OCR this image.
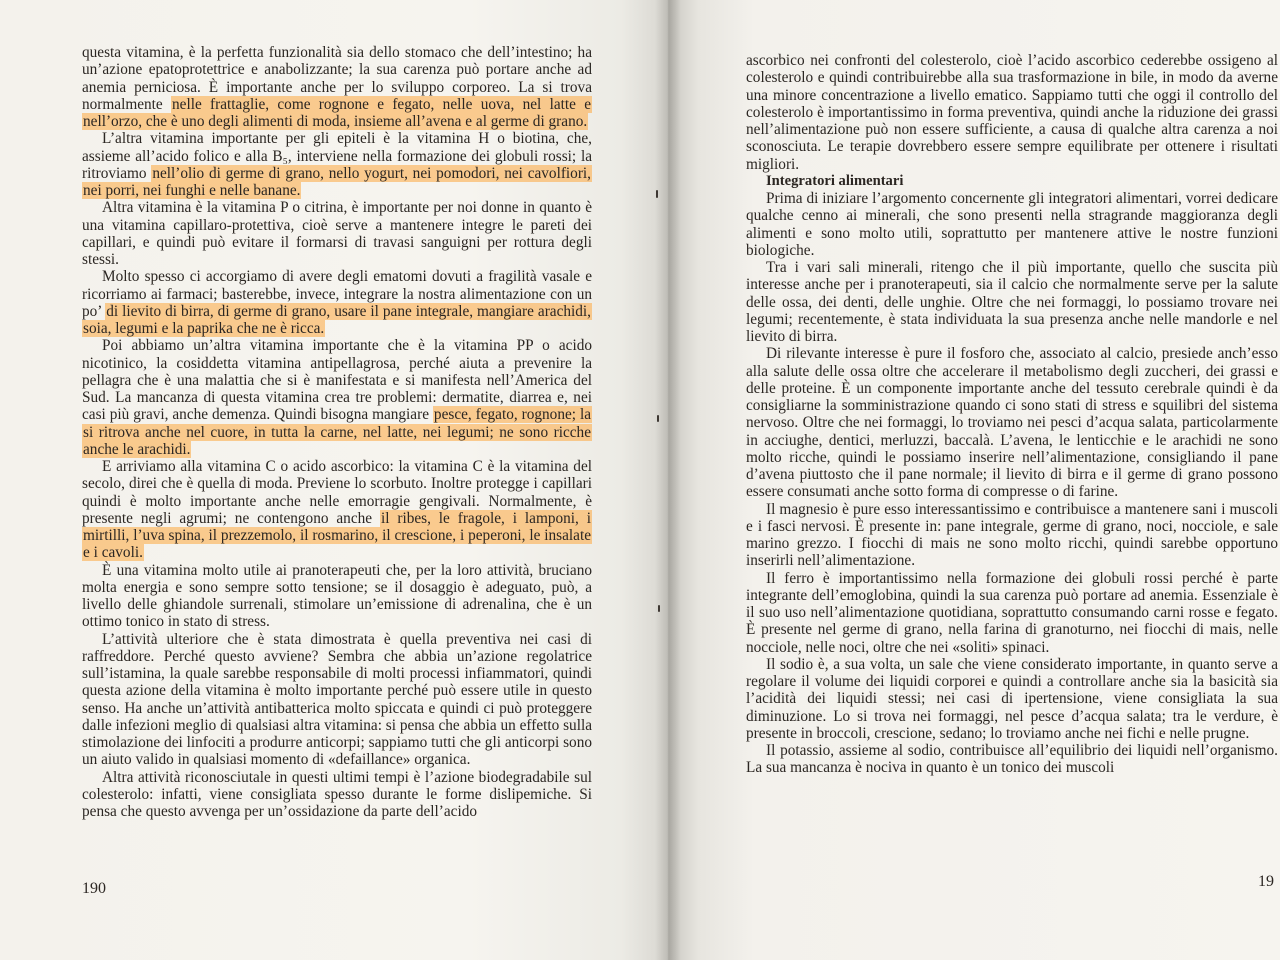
questa vitamina, è la perfetta funzionalità sia dello stomaco che dell’intestino; ha un’azione epatoprotettrice e anabolizzante; la sua carenza può portare anche ad anemia perniciosa. È importante anche per lo sviluppo corporeo. La si trova normalmente nelle frattaglie, come rognone e fegato, nelle uova, nel latte e nell’orzo, che è uno degli alimenti di moda, insieme all’avena e al germe di grano.

L’altra vitamina importante per gli epiteli è la vitamina H o biotina, che, assieme all’acido folico e alla B₅, interviene nella formazione dei globuli rossi; la ritroviamo nell’olio di germe di grano, nello yogurt, nei pomodori, nei cavolfiori, nei porri, nei funghi e nelle banane.

Altra vitamina è la vitamina P o citrina, è importante per noi donne in quanto è una vitamina capillaro-protettiva, cioè serve a mantenere integre le pareti dei capillari, e quindi può evitare il formarsi di travasi sanguigni per rottura degli stessi.

Molto spesso ci accorgiamo di avere degli ematomi dovuti a fragilità vasale e ricorriamo ai farmaci; basterebbe, invece, integrare la nostra alimentazione con un po’ di lievito di birra, di germe di grano, usare il pane integrale, mangiare arachidi, soia, legumi e la paprika che ne è ricca.

Poi abbiamo un’altra vitamina importante che è la vitamina PP o acido nicotinico, la cosiddetta vitamina antipellagrosa, perché aiuta a prevenire la pellagra che è una malattia che si è manifestata e si manifesta nell’America del Sud. La mancanza di questa vitamina crea tre problemi: dermatite, diarrea e, nei casi più gravi, anche demenza. Quindi bisogna mangiare pesce, fegato, rognone; la si ritrova anche nel cuore, in tutta la carne, nel latte, nei legumi; ne sono ricche anche le arachidi.

E arriviamo alla vitamina C o acido ascorbico: la vitamina C è la vitamina del secolo, direi che è quella di moda. Previene lo scorbuto. Inoltre protegge i capillari quindi è molto importante anche nelle emorragie gengivali. Normalmente, è presente negli agrumi; ne contengono anche il ribes, le fragole, i lamponi, i mirtilli, l’uva spina, il prezzemolo, il rosmarino, il crescione, i peperoni, le insalate e i cavoli.

È una vitamina molto utile ai pranoterapeuti che, per la loro attività, bruciano molta energia e sono sempre sotto tensione; se il dosaggio è adeguato, può, a livello delle ghiandole surrenali, stimolare un’emissione di adrenalina, che è un ottimo tonico in stato di stress.

L’attività ulteriore che è stata dimostrata è quella preventiva nei casi di raffreddore. Perché questo avviene? Sembra che abbia un’azione regolatrice sull’istamina, la quale sarebbe responsabile di molti processi infiammatori, quindi questa azione della vitamina è molto importante perché può essere utile in questo senso. Ha anche un’attività antibatterica molto spiccata e quindi ci può proteggere dalle infezioni meglio di qualsiasi altra vitamina: si pensa che abbia un effetto sulla stimolazione dei linfociti a produrre anticorpi; sappiamo tutti che gli anticorpi sono un aiuto valido in qualsiasi momento di «defaillance» organica.

Altra attività riconosciutale in questi ultimi tempi è l’azione biodegradabile sul colesterolo: infatti, viene consigliata spesso durante le forme dislipemiche. Si pensa che questo avvenga per un’ossidazione da parte dell’acido

190

ascorbico nei confronti del colesterolo, cioè l’acido ascorbico cederebbe ossigeno al colesterolo e quindi contribuirebbe alla sua trasformazione in bile, in modo da averne una minore concentrazione a livello ematico. Sappiamo tutti che oggi il controllo del colesterolo è importantissimo in forma preventiva, quindi anche la riduzione dei grassi nell’alimentazione può non essere sufficiente, a causa di qualche altra carenza a noi sconosciuta. Le terapie dovrebbero essere sempre equilibrate per ottenere i risultati migliori.

Integratori alimentari

Prima di iniziare l’argomento concernente gli integratori alimentari, vorrei dedicare qualche cenno ai minerali, che sono presenti nella stragrande maggioranza degli alimenti e sono molto utili, soprattutto per mantenere attive le nostre funzioni biologiche.

Tra i vari sali minerali, ritengo che il più importante, quello che suscita più interesse anche per i pranoterapeuti, sia il calcio che normalmente serve per la salute delle ossa, dei denti, delle unghie. Oltre che nei formaggi, lo possiamo trovare nei legumi; recentemente, è stata individuata la sua presenza anche nelle mandorle e nel lievito di birra.

Di rilevante interesse è pure il fosforo che, associato al calcio, presiede anch’esso alla salute delle ossa oltre che accelerare il metabolismo degli zuccheri, dei grassi e delle proteine. È un componente importante anche del tessuto cerebrale quindi è da consigliarne la somministrazione quando ci sono stati di stress e squilibri del sistema nervoso. Oltre che nei formaggi, lo troviamo nei pesci d’acqua salata, particolarmente in acciughe, dentici, merluzzi, baccalà. L’avena, le lenticchie e le arachidi ne sono molto ricche, quindi le possiamo inserire nell’alimentazione, consigliando il pane d’avena piuttosto che il pane normale; il lievito di birra e il germe di grano possono essere consumati anche sotto forma di compresse o di farine.

Il magnesio è pure esso interessantissimo e contribuisce a mantenere sani i muscoli e i fasci nervosi. È presente in: pane integrale, germe di grano, noci, nocciole, e sale marino grezzo. I fiocchi di mais ne sono molto ricchi, quindi sarebbe opportuno inserirli nell’alimentazione.

Il ferro è importantissimo nella formazione dei globuli rossi perché è parte integrante dell’emoglobina, quindi la sua carenza può portare ad anemia. Essenziale è il suo uso nell’alimentazione quotidiana, soprattutto consumando carni rosse e fegato. È presente nel germe di grano, nella farina di granoturno, nei fiocchi di mais, nelle nocciole, nelle noci, oltre che nei «soliti» spinaci.

Il sodio è, a sua volta, un sale che viene considerato importante, in quanto serve a regolare il volume dei liquidi corporei e quindi a controllare anche sia la basicità sia l’acidità dei liquidi stessi; nei casi di ipertensione, viene consigliata la sua diminuzione. Lo si trova nei formaggi, nel pesce d’acqua salata; tra le verdure, è presente in broccoli, crescione, sedano; lo troviamo anche nei fichi e nelle prugne.

Il potassio, assieme al sodio, contribuisce all’equilibrio dei liquidi nell’organismo. La sua mancanza è nociva in quanto è un tonico dei muscoli

19
